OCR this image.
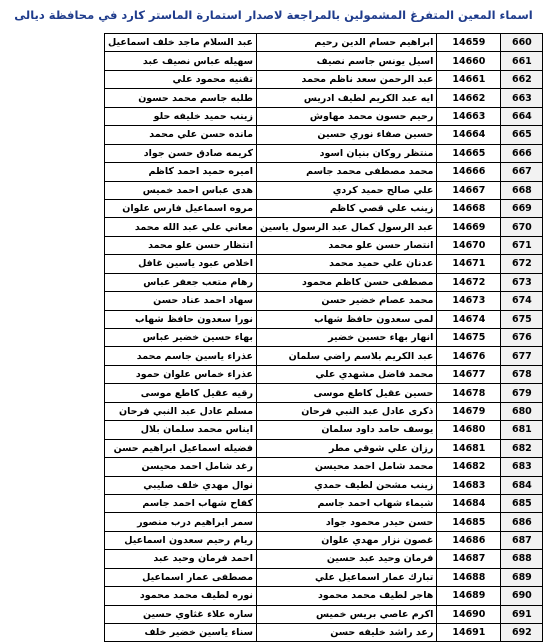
اسماء المعين المتفرغ المشمولين بالمراجعة لاصدار استمارة الماستر كارد في محافظة ديالى
660	14659	ابراهيم حسام الدين رحيم	عبد السلام ماجد خلف اسماعيل
661	14660	اسيل يونس جاسم نصيف	سهيله عباس نصيف عبد
662	14661	عبد الرحمن سعد ناظم محمد	تقنيه محمود علي
663	14662	ايه عبد الكريم لطيف ادريس	طلبه جاسم محمد حسون
664	14663	رحيم حسون محمد مهاوش	زينب حميد خليفه حلو
665	14664	حسين صفاء نوري حسين	مانده حسن علي محمد
666	14665	منتظر روكان بنيان اسود	كريمه صادق حسن جواد
667	14666	محمد مصطفى محمد جاسم	اميره حميد احمد كاظم
668	14667	علي صالح حميد كردي	هدى عباس احمد خميس
669	14668	زينب علي قصي كاظم	مروه اسماعيل فارس علوان
670	14669	عبد الرسول كمال عبد الرسول ياسين	معاني علي عبد الله محمد
671	14670	انتصار حسن علو محمد	انتظار حسن علو محمد
672	14671	عدنان علي حميد محمد	اخلاص عبود ياسين غافل
673	14672	مصطفى حسن كاظم محمود	رهام متعب جعفر عباس
674	14673	محمد عصام خضير حسن	سهاد احمد عناد حسن
675	14674	لمى سعدون حافظ شهاب	نورا سعدون حافظ شهاب
676	14675	انهار بهاء حسين خضير	بهاء حسين خضير عباس
677	14676	عبد الكريم بلاسم راضي سلمان	عذراء ياسين جاسم محمد
678	14677	محمد فاضل مشهدي علي	عذراء خماس علوان حمود
679	14678	حسين عقيل كاطع موسى	رقيه عقيل كاطع موسى
680	14679	ذكرى عادل عبد النبي فرحان	مسلم عادل عبد النبي فرحان
681	14680	يوسف حامد داود سلمان	ايناس محمد سلمان بلال
682	14681	رزان علي شوقي مطر	فضيله اسماعيل ابراهيم حسن
683	14682	محمد شامل احمد محيسن	رغد شامل احمد محيسن
684	14683	زينب مشحن لطيف حمدي	نوال مهدي خلف صليبي
685	14684	شيماء شهاب احمد جاسم	كفاح شهاب احمد جاسم
686	14685	حسن حيدر محمود جواد	سمر ابراهيم درب منصور
687	14686	غصون نزار مهدي علوان	ريام رحيم سعدون اسماعيل
688	14687	فرمان وحيد عبد حسين	احمد فرمان وحيد عبد
689	14688	تبارك عمار اسماعيل علي	مصطفى عمار اسماعيل
690	14689	هاجر لطيف محمد محمود	نوره لطيف محمد محمود
691	14690	اكرم عاصي بريس خميس	ساره علاء غثاوي حسين
692	14691	رعد راشد خليفه حسن	سناء ياسين خضير خلف
